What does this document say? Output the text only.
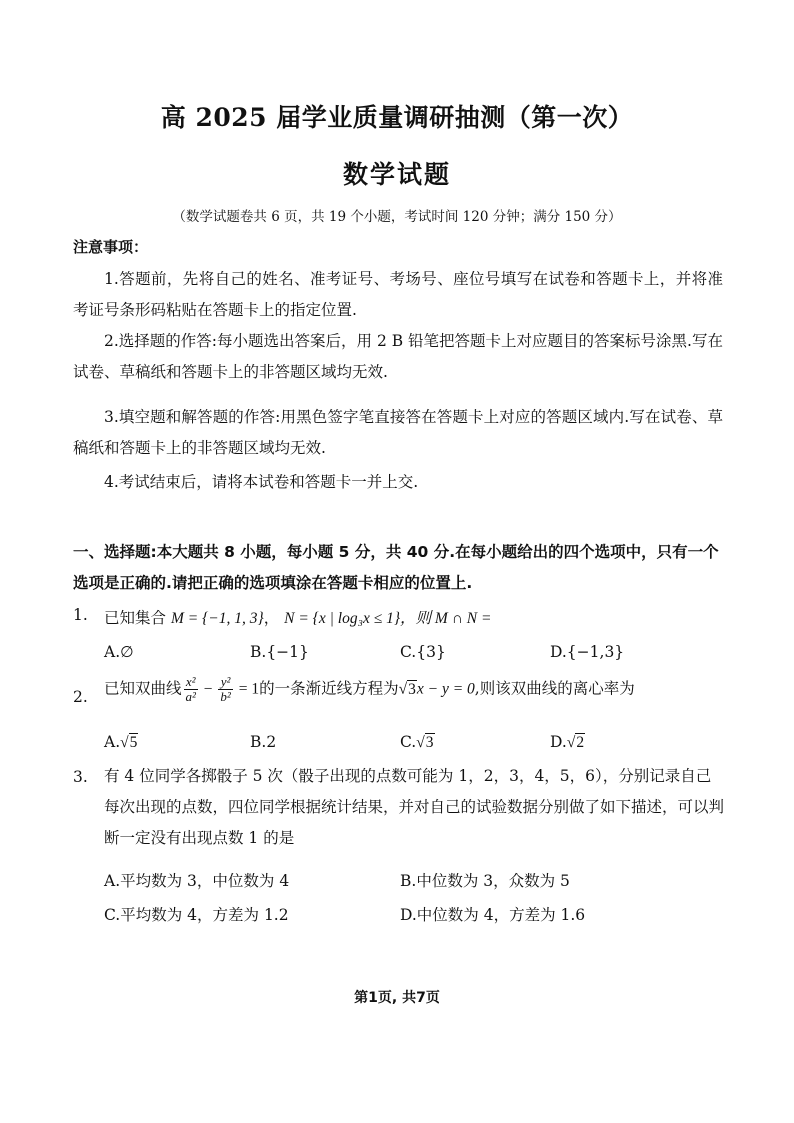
高 2025 届学业质量调研抽测（第一次）
数学试题
（数学试题卷共 6 页，共 19 个小题，考试时间 120 分钟；满分 150 分）
注意事项：
1.答题前，先将自己的姓名、准考证号、考场号、座位号填写在试卷和答题卡上，并将准考证号条形码粘贴在答题卡上的指定位置.
2.选择题的作答:每小题选出答案后，用 2 B 铅笔把答题卡上对应题目的答案标号涂黑.写在试卷、草稿纸和答题卡上的非答题区域均无效.
3.填空题和解答题的作答:用黑色签字笔直接答在答题卡上对应的答题区域内.写在试卷、草稿纸和答题卡上的非答题区域均无效.
4.考试结束后，请将本试卷和答题卡一并上交.
一、选择题:本大题共 8 小题，每小题 5 分，共 40 分.在每小题给出的四个选项中，只有一个选项是正确的.请把正确的选项填涂在答题卡相应的位置上.
1. 已知集合 M = {−1, 1, 3}， N = {x | log₃x ≤ 1}，则 M ∩ N =
A.∅	B.{−1}	C.{3}	D.{−1,3}
2. 已知双曲线 $\frac{\text{x²}}{\text{a²}} - \frac{\text{y²}}{\text{b²}} = 1$的一条渐近线方程为√3x − y = 0,则该双曲线的离心率为
A.√5	B.2	C.√3	D.√2
3. 有 4 位同学各掷骰子 5 次（骰子出现的点数可能为 1，2，3，4，5，6），分别记录自己每次出现的点数，四位同学根据统计结果，并对自己的试验数据分别做了如下描述，可以判断一定没有出现点数 1 的是
A.平均数为 3，中位数为 4	B.中位数为 3，众数为 5
C.平均数为 4，方差为 1.2	D.中位数为 4，方差为 1.6
第1页, 共7页
